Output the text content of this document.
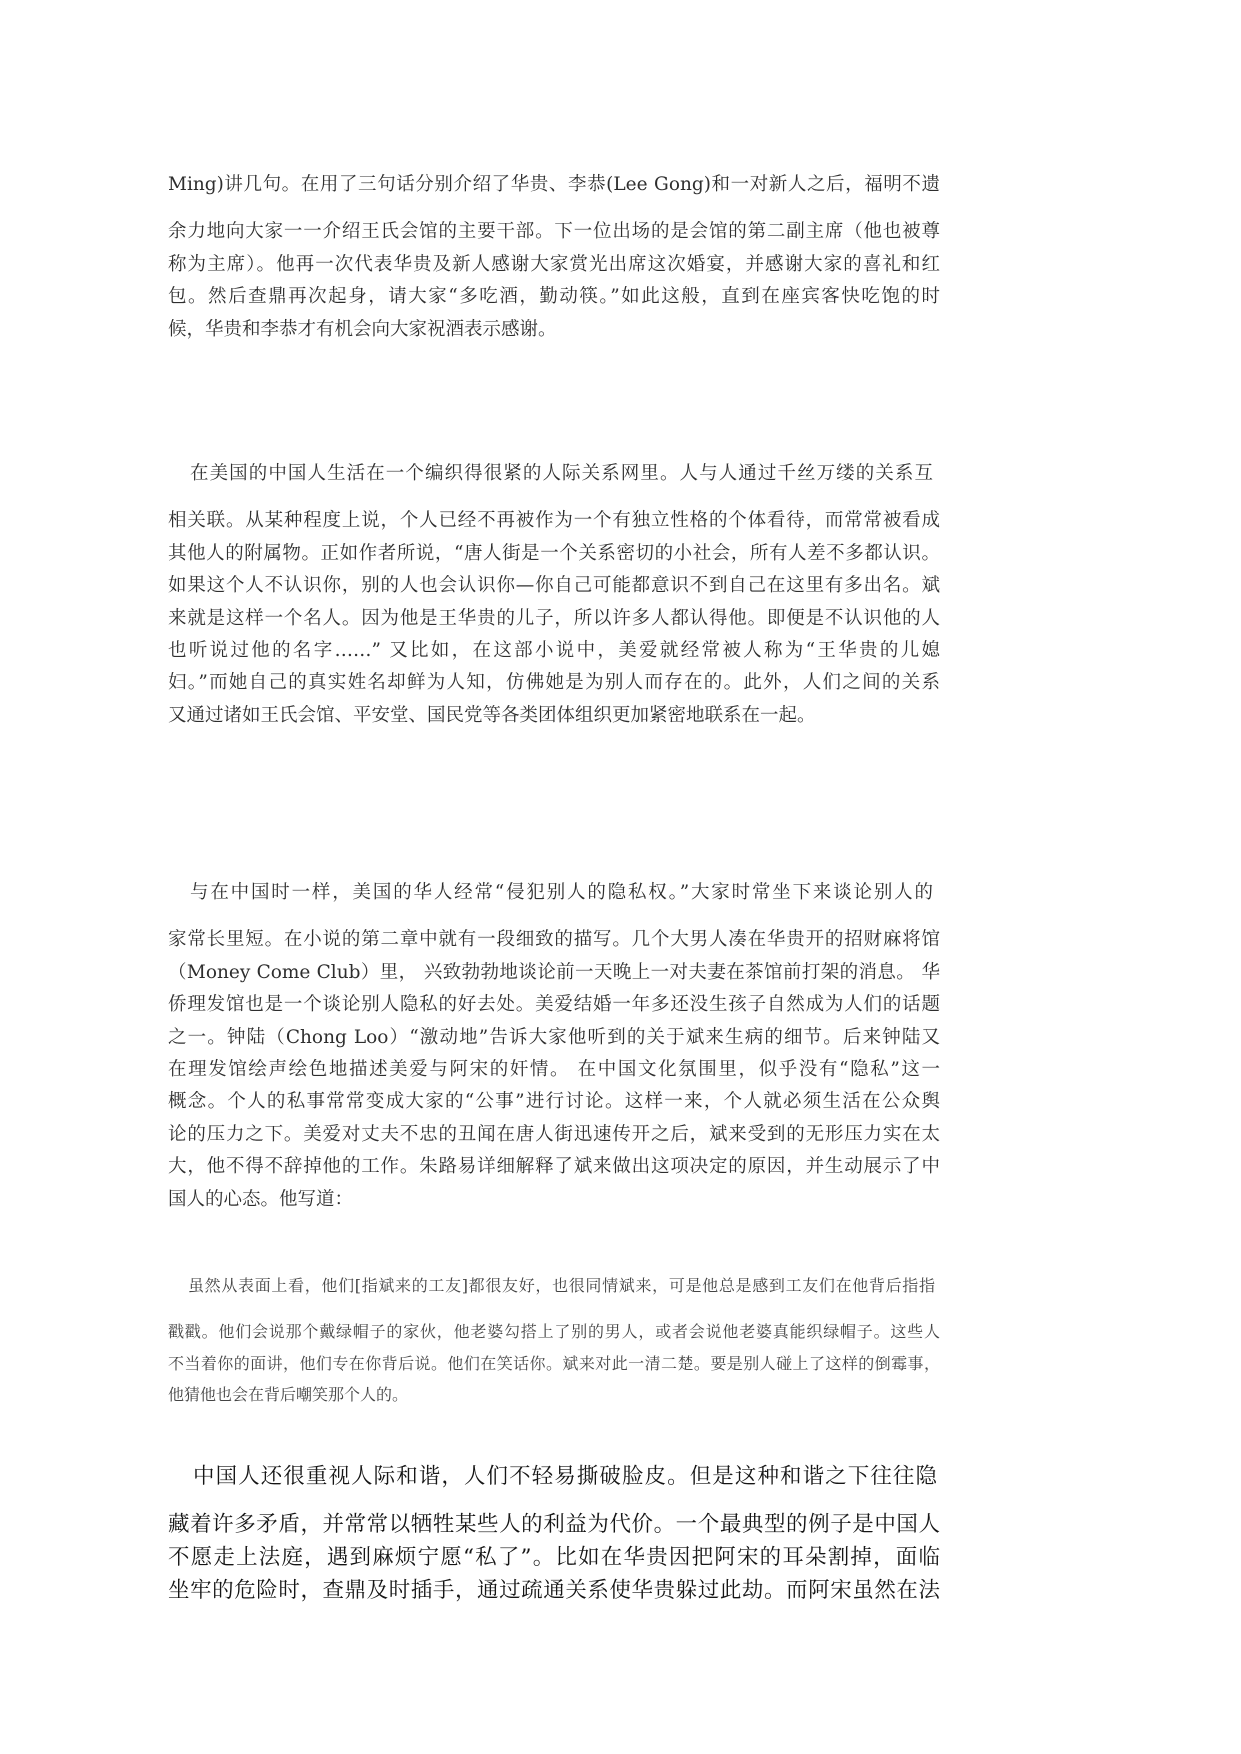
Ming)讲几句。在用了三句话分别介绍了华贵、李恭(Lee Gong)和一对新人之后，福明不遗
余力地向大家一一介绍王氏会馆的主要干部。下一位出场的是会馆的第二副主席（他也被尊
称为主席）。他再一次代表华贵及新人感谢大家赏光出席这次婚宴，并感谢大家的喜礼和红
包。然后查鼎再次起身，请大家“多吃酒，勤动筷。”如此这般，直到在座宾客快吃饱的时
候，华贵和李恭才有机会向大家祝酒表示感谢。
在美国的中国人生活在一个编织得很紧的人际关系网里。人与人通过千丝万缕的关系互
相关联。从某种程度上说，个人已经不再被作为一个有独立性格的个体看待，而常常被看成
其他人的附属物。正如作者所说，“唐人街是一个关系密切的小社会，所有人差不多都认识。
如果这个人不认识你，别的人也会认识你—你自己可能都意识不到自己在这里有多出名。斌
来就是这样一个名人。因为他是王华贵的儿子，所以许多人都认得他。即便是不认识他的人
也听说过他的名字……” 又比如，在这部小说中，美爱就经常被人称为“王华贵的儿媳
妇。”而她自己的真实姓名却鲜为人知，仿佛她是为别人而存在的。此外，人们之间的关系
又通过诸如王氏会馆、平安堂、国民党等各类团体组织更加紧密地联系在一起。
与在中国时一样，美国的华人经常“侵犯别人的隐私权。”大家时常坐下来谈论别人的
家常长里短。在小说的第二章中就有一段细致的描写。几个大男人凑在华贵开的招财麻将馆
（Money Come Club）里， 兴致勃勃地谈论前一天晚上一对夫妻在茶馆前打架的消息。 华
侨理发馆也是一个谈论别人隐私的好去处。美爱结婚一年多还没生孩子自然成为人们的话题
之一。钟陆（Chong Loo）“激动地”告诉大家他听到的关于斌来生病的细节。后来钟陆又
在理发馆绘声绘色地描述美爱与阿宋的奸情。 在中国文化氛围里，似乎没有“隐私”这一
概念。个人的私事常常变成大家的“公事”进行讨论。这样一来，个人就必须生活在公众舆
论的压力之下。美爱对丈夫不忠的丑闻在唐人街迅速传开之后，斌来受到的无形压力实在太
大，他不得不辞掉他的工作。朱路易详细解释了斌来做出这项决定的原因，并生动展示了中
国人的心态。他写道：
虽然从表面上看，他们[指斌来的工友]都很友好，也很同情斌来，可是他总是感到工友们在他背后指指
戳戳。他们会说那个戴绿帽子的家伙，他老婆勾搭上了别的男人，或者会说他老婆真能织绿帽子。这些人
不当着你的面讲，他们专在你背后说。他们在笑话你。斌来对此一清二楚。要是别人碰上了这样的倒霉事，
他猜他也会在背后嘲笑那个人的。
中国人还很重视人际和谐，人们不轻易撕破脸皮。但是这种和谐之下往往隐
藏着许多矛盾，并常常以牺牲某些人的利益为代价。一个最典型的例子是中国人
不愿走上法庭，遇到麻烦宁愿“私了”。比如在华贵因把阿宋的耳朵割掉，面临
坐牢的危险时，查鼎及时插手，通过疏通关系使华贵躲过此劫。而阿宋虽然在法
